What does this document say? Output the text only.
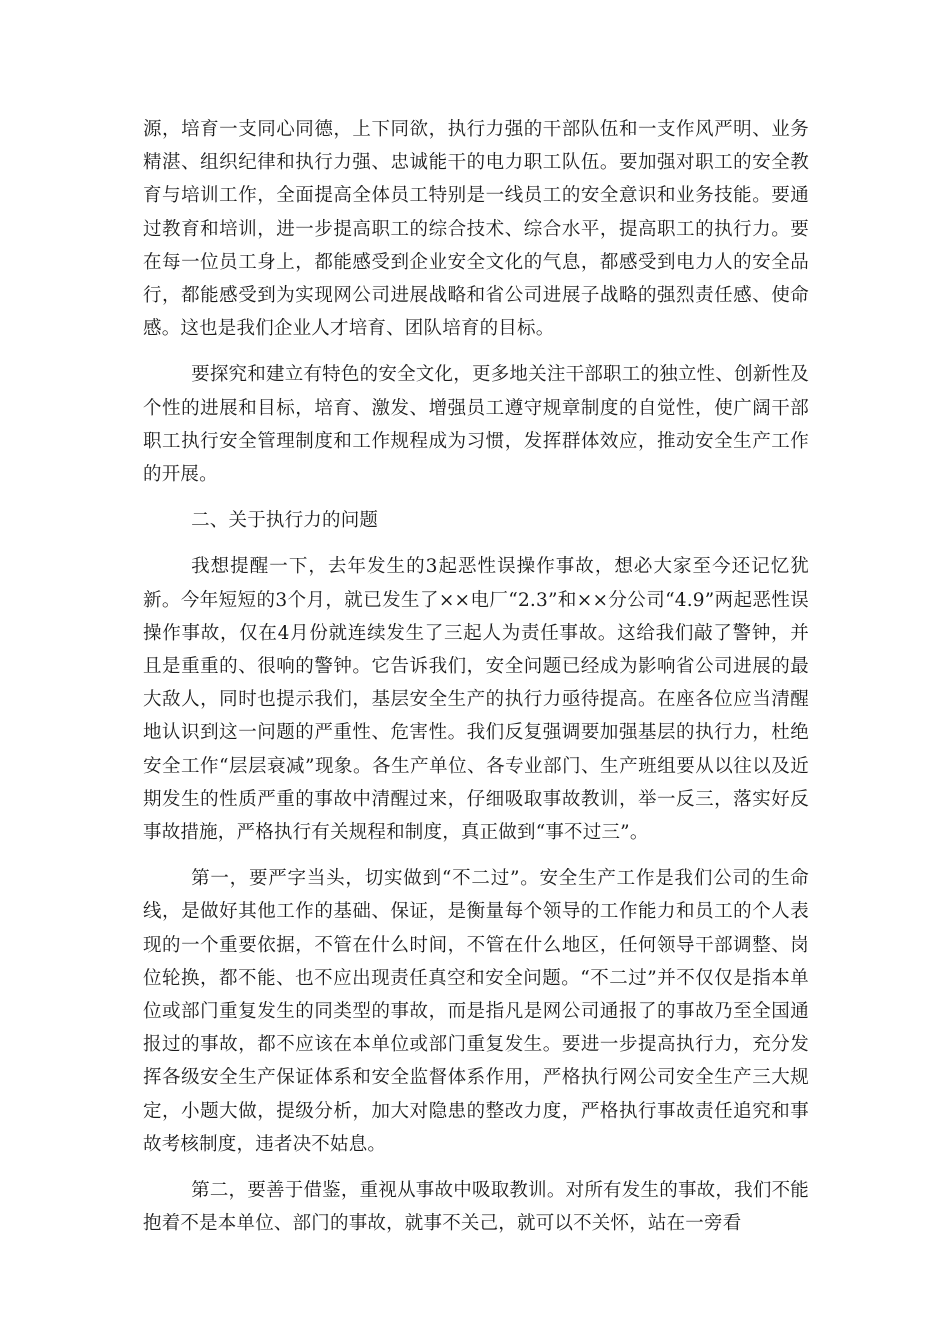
源，培育一支同心同德，上下同欲，执行力强的干部队伍和一支作风严明、业务精湛、组织纪律和执行力强、忠诚能干的电力职工队伍。要加强对职工的安全教育与培训工作，全面提高全体员工特别是一线员工的安全意识和业务技能。要通过教育和培训，进一步提高职工的综合技术、综合水平，提高职工的执行力。要在每一位员工身上，都能感受到企业安全文化的气息，都感受到电力人的安全品行，都能感受到为实现网公司进展战略和省公司进展子战略的强烈责任感、使命感。这也是我们企业人才培育、团队培育的目标。

要探究和建立有特色的安全文化，更多地关注干部职工的独立性、创新性及个性的进展和目标，培育、激发、增强员工遵守规章制度的自觉性，使广阔干部职工执行安全管理制度和工作规程成为习惯，发挥群体效应，推动安全生产工作的开展。

二、关于执行力的问题

我想提醒一下，去年发生的3起恶性误操作事故，想必大家至今还记忆犹新。今年短短的3个月，就已发生了××电厂“2.3”和××分公司“4.9”两起恶性误操作事故，仅在4月份就连续发生了三起人为责任事故。这给我们敲了警钟，并且是重重的、很响的警钟。它告诉我们，安全问题已经成为影响省公司进展的最大敌人，同时也提示我们，基层安全生产的执行力亟待提高。在座各位应当清醒地认识到这一问题的严重性、危害性。我们反复强调要加强基层的执行力，杜绝安全工作“层层衰减”现象。各生产单位、各专业部门、生产班组要从以往以及近期发生的性质严重的事故中清醒过来，仔细吸取事故教训，举一反三，落实好反事故措施，严格执行有关规程和制度，真正做到“事不过三”。

第一，要严字当头，切实做到“不二过”。安全生产工作是我们公司的生命线，是做好其他工作的基础、保证，是衡量每个领导的工作能力和员工的个人表现的一个重要依据，不管在什么时间，不管在什么地区，任何领导干部调整、岗位轮换，都不能、也不应出现责任真空和安全问题。“不二过”并不仅仅是指本单位或部门重复发生的同类型的事故，而是指凡是网公司通报了的事故乃至全国通报过的事故，都不应该在本单位或部门重复发生。要进一步提高执行力，充分发挥各级安全生产保证体系和安全监督体系作用，严格执行网公司安全生产三大规定，小题大做，提级分析，加大对隐患的整改力度，严格执行事故责任追究和事故考核制度，违者决不姑息。

第二，要善于借鉴，重视从事故中吸取教训。对所有发生的事故，我们不能抱着不是本单位、部门的事故，就事不关己，就可以不关怀，站在一旁看
